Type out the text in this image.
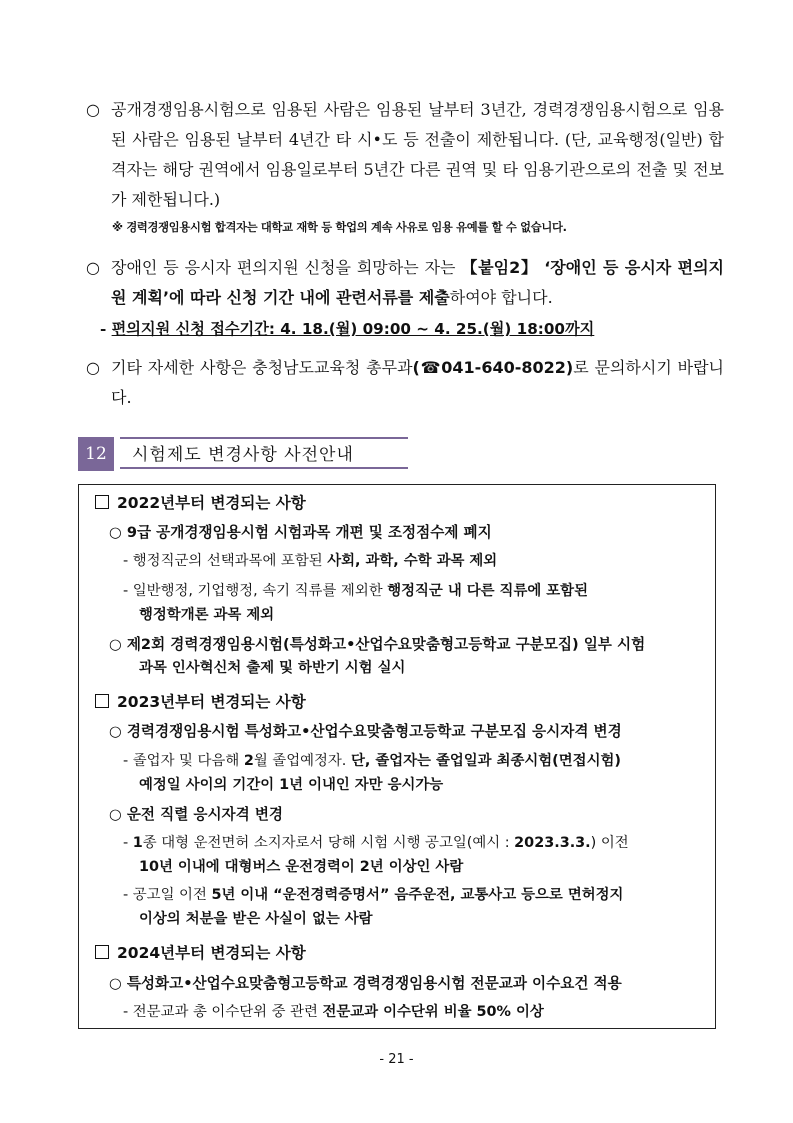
○ 공개경쟁임용시험으로 임용된 사람은 임용된 날부터 3년간, 경력경쟁임용시험으로 임용된 사람은 임용된 날부터 4년간 타 시•도 등 전출이 제한됩니다. (단, 교육행정(일반) 합격자는 해당 권역에서 임용일로부터 5년간 다른 권역 및 타 임용기관으로의 전출 및 전보가 제한됩니다.)
※ 경력경쟁임용시험 합격자는 대학교 재학 등 학업의 계속 사유로 임용 유예를 할 수 없습니다.
○ 장애인 등 응시자 편의지원 신청을 희망하는 자는 【붙임2】 ‘장애인 등 응시자 편의지원 계획’에 따라 신청 기간 내에 관련서류를 제출하여야 합니다.
- 편의지원 신청 접수기간: 4. 18.(월) 09:00 ~ 4. 25.(월) 18:00까지
○ 기타 자세한 사항은 충청남도교육청 총무과(☎041-640-8022)로 문의하시기 바랍니다.
12	시험제도 변경사항 사전안내
2022년부터 변경되는 사항
○ 9급 공개경쟁임용시험 시험과목 개편 및 조정점수제 폐지
- 행정직군의 선택과목에 포함된 사회, 과학, 수학 과목 제외
- 일반행정, 기업행정, 속기 직류를 제외한 행정직군 내 다른 직류에 포함된
행정학개론 과목 제외
○ 제2회 경력경쟁임용시험(특성화고•산업수요맞춤형고등학교 구분모집) 일부 시험
과목 인사혁신처 출제 및 하반기 시험 실시
2023년부터 변경되는 사항
○ 경력경쟁임용시험 특성화고•산업수요맞춤형고등학교 구분모집 응시자격 변경
- 졸업자 및 다음해 2월 졸업예정자. 단, 졸업자는 졸업일과 최종시험(면접시험)
예정일 사이의 기간이 1년 이내인 자만 응시가능
○ 운전 직렬 응시자격 변경
- 1종 대형 운전면허 소지자로서 당해 시험 시행 공고일(예시 : 2023.3.3.) 이전
10년 이내에 대형버스 운전경력이 2년 이상인 사람
- 공고일 이전 5년 이내 “운전경력증명서” 음주운전, 교통사고 등으로 면허정지
이상의 처분을 받은 사실이 없는 사람
2024년부터 변경되는 사항
○ 특성화고•산업수요맞춤형고등학교 경력경쟁임용시험 전문교과 이수요건 적용
- 전문교과 총 이수단위 중 관련 전문교과 이수단위 비율 50% 이상
- 21 -
